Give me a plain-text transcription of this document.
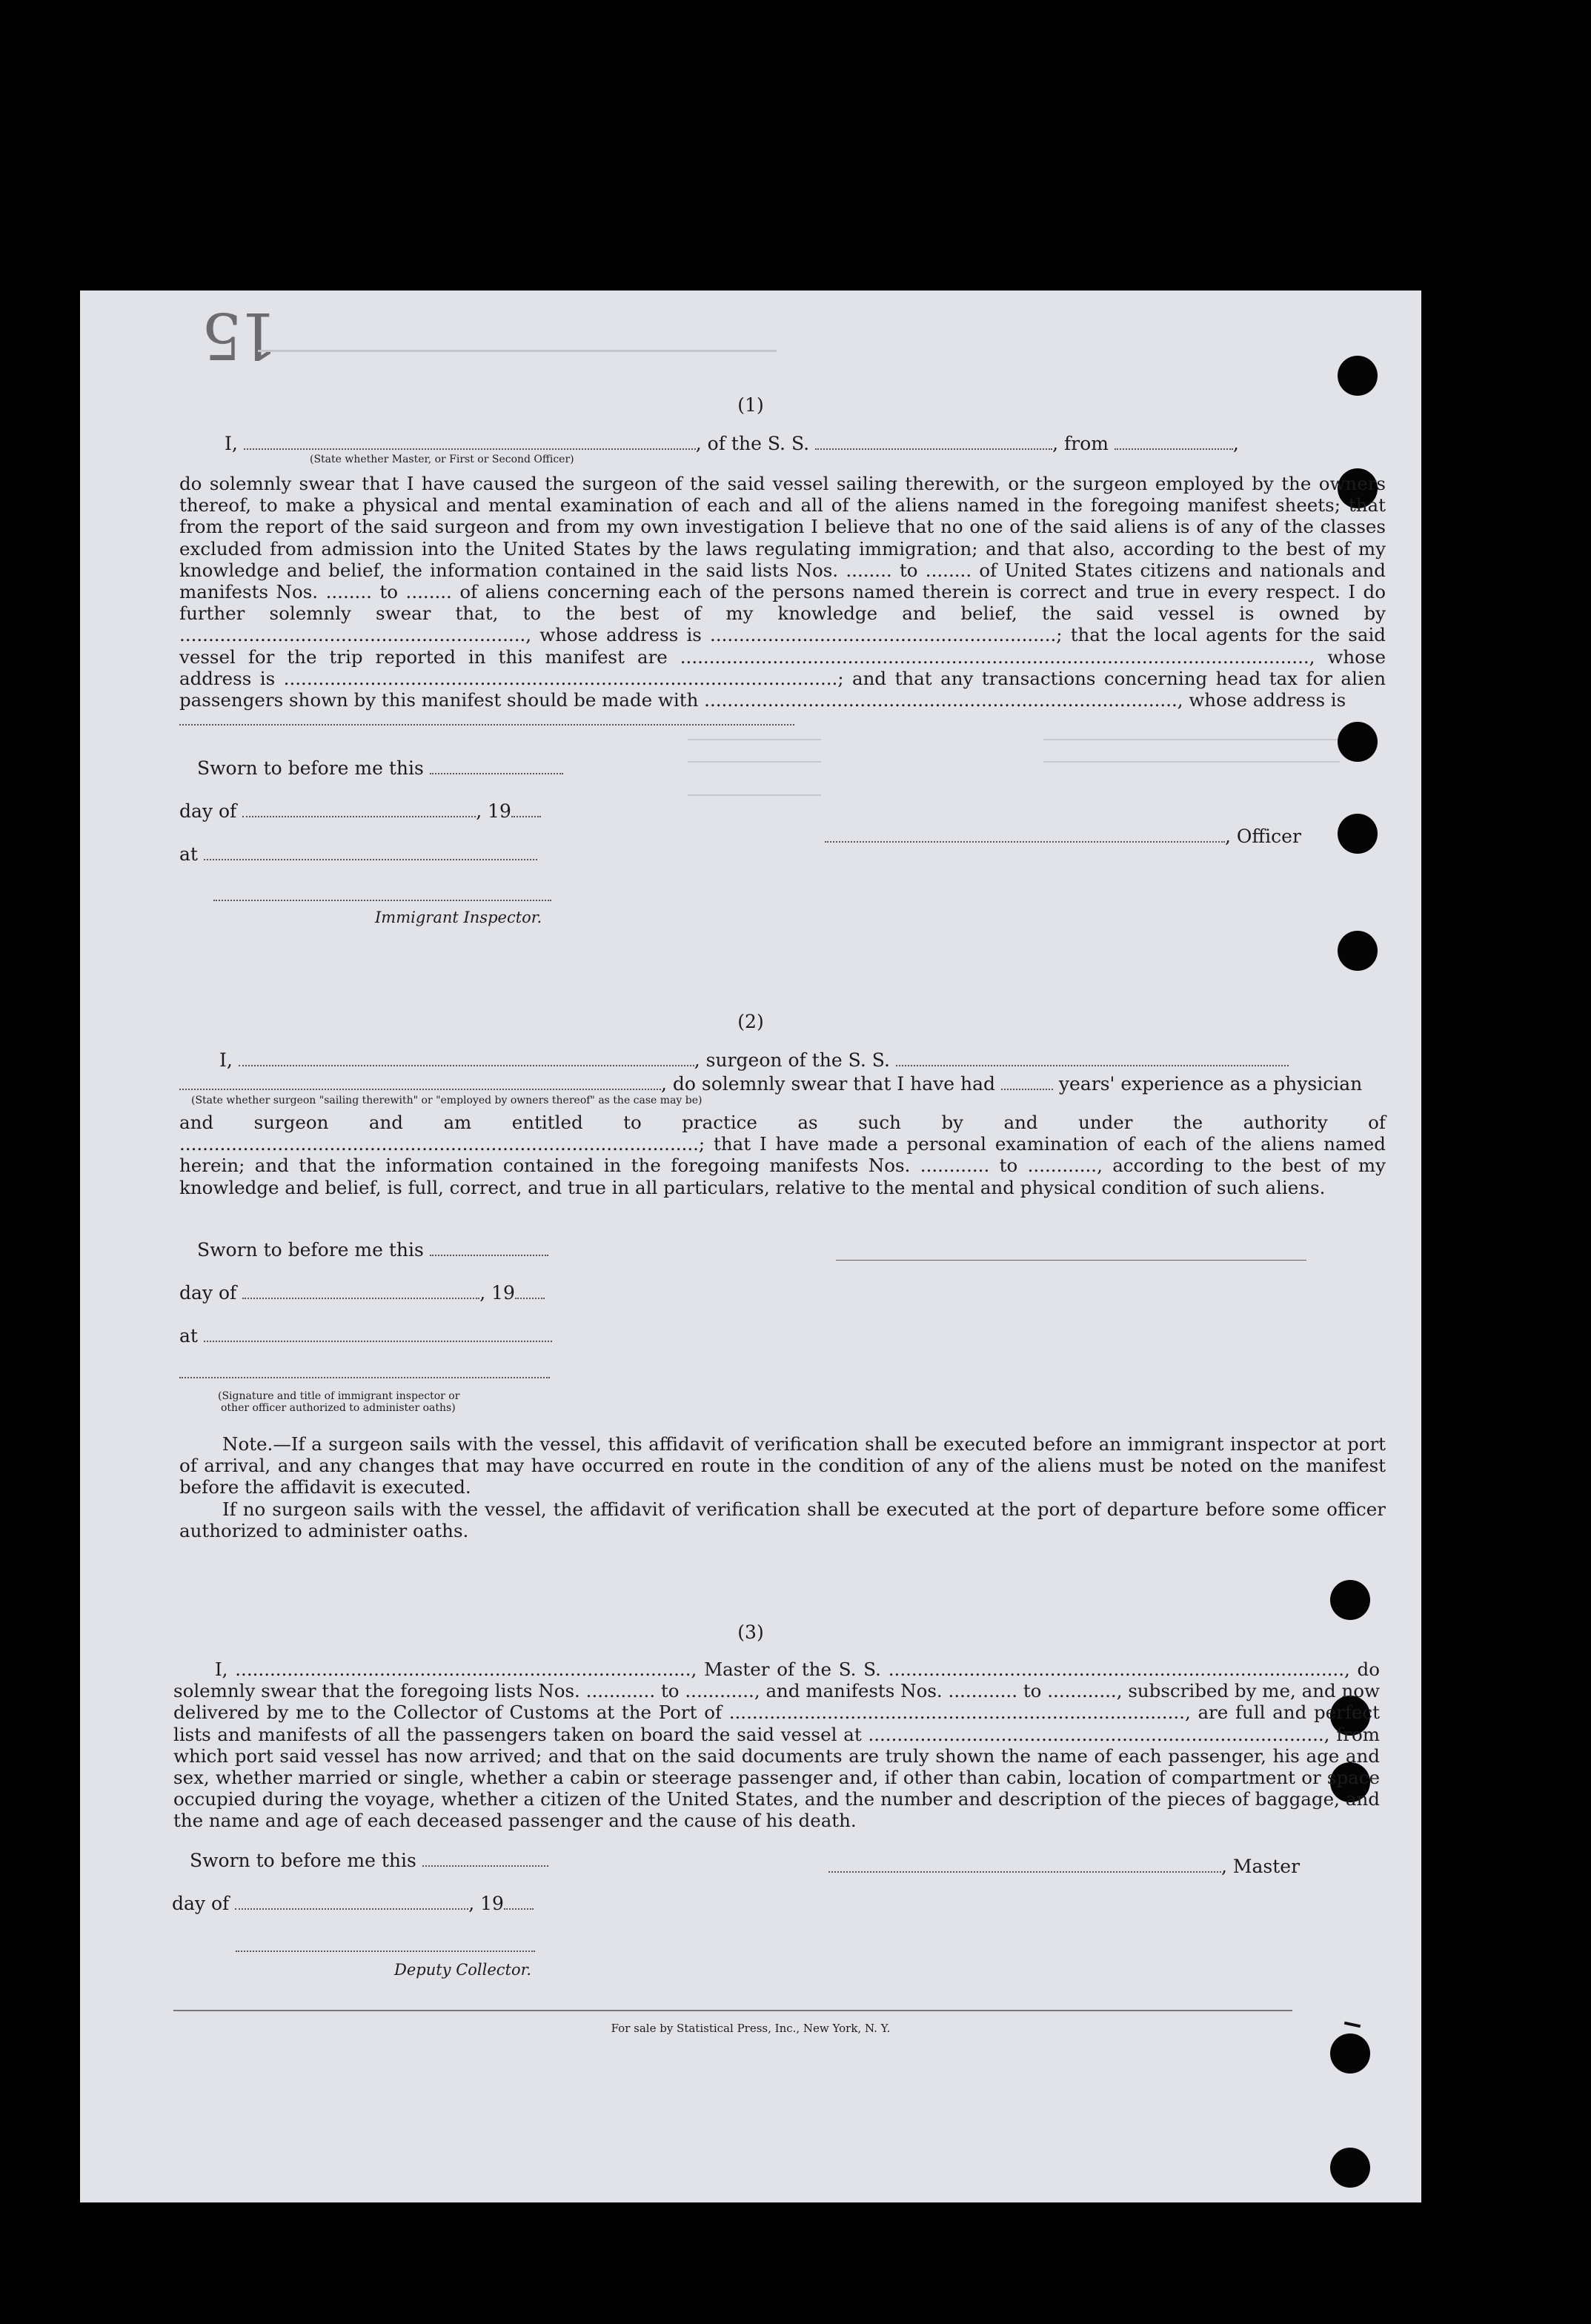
15
(1)
I,	, of the S. S.	, from	,
(State whether Master, or First or Second Officer)
do solemnly swear that I have caused the surgeon of the said vessel sailing therewith, or the surgeon employed by the owners thereof, to make a physical and mental examination of each and all of the aliens named in the foregoing manifest sheets; that from the report of the said surgeon and from my own investigation I believe that no one of the said aliens is of any of the classes excluded from admission into the United States by the laws regulating immigration; and that also, according to the best of my knowledge and belief, the information contained in the said lists Nos. ........ to ........ of United States citizens and nationals and manifests Nos. ........ to ........ of aliens concerning each of the persons named therein is correct and true in every respect. I do further solemnly swear that, to the best of my knowledge and belief, the said vessel is owned by ............................................................, whose address is ............................................................; that the local agents for the said vessel for the trip reported in this manifest are ............................................................................................................., whose address is ................................................................................................; and that any transactions concerning head tax for alien passengers shown by this manifest should be made with .................................................................................., whose address is
Sworn to before me this
day of	, 19
at
, Officer
Immigrant Inspector.
(2)
I,	, surgeon of the S. S.
, do solemnly swear that I have had	years' experience as a physician
(State whether surgeon "sailing therewith" or "employed by owners thereof" as the case may be)
and surgeon and am entitled to practice as such by and under the authority of ..........................................................................................; that I have made a personal examination of each of the aliens named herein; and that the information contained in the foregoing manifests Nos. ............ to ............, according to the best of my knowledge and belief, is full, correct, and true in all particulars, relative to the mental and physical condition of such aliens.
Sworn to before me this
day of	, 19
at
(Signature and title of immigrant inspector or
other officer authorized to administer oaths)
Note.—If a surgeon sails with the vessel, this affidavit of verification shall be executed before an immigrant inspector at port of arrival, and any changes that may have occurred en route in the condition of any of the aliens must be noted on the manifest before the affidavit is executed.
If no surgeon sails with the vessel, the affidavit of verification shall be executed at the port of departure before some officer authorized to administer oaths.
(3)
I, ..............................................................................., Master of the S. S. ..............................................................................., do solemnly swear that the foregoing lists Nos. ............ to ............, and manifests Nos. ............ to ............, subscribed by me, and now delivered by me to the Collector of Customs at the Port of ..............................................................................., are full and perfect lists and manifests of all the passengers taken on board the said vessel at ..............................................................................., from which port said vessel has now arrived; and that on the said documents are truly shown the name of each passenger, his age and sex, whether married or single, whether a cabin or steerage passenger and, if other than cabin, location of compartment or space occupied during the voyage, whether a citizen of the United States, and the number and description of the pieces of baggage, and the name and age of each deceased passenger and the cause of his death.
Sworn to before me this	, Master
day of	, 19
Deputy Collector.
For sale by Statistical Press, Inc., New York, N. Y.
